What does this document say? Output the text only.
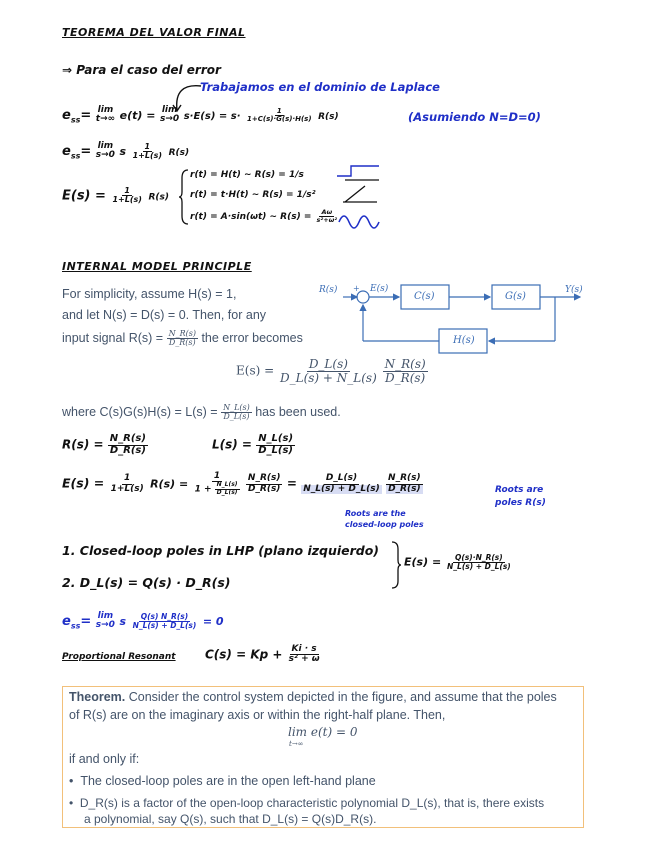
TEOREMA DEL VALOR FINAL
⇒ Para el caso del error
Trabajamos en el dominio de Laplace
$e_{ss}= \lim$
t→∞ e(t) = lim
s→0 $s\cdot E(s) = s\cdot \frac{1}{1+C(s)\cdot G(s)\cdot H(s)} R(s)$	(Asumiendo N=D=0)
$e_{ss}= \lim$
s→0 s $\frac{1}{1+L(s)} R(s)$
$E(s) = \frac{1}{1+L(s)} R(s)$
r(t) = H(t) ∼ R(s) = 1/s
r(t) = t·H(t) ∼ R(s) = 1/s²
r(t) = A·sin(ωt) ∼ $R(s) = \frac{A\omega}{\text{s²+ω²}}$
INTERNAL MODEL PRINCIPLE
For simplicity, assume H(s) = 1,
and let N(s) = D(s) = 0. Then, for any
input signal $R(s) = \frac{N\_R(s)}{D\_R(s)}$ the error becomes
R(s) + E(s)
C(s)	G(s)
Y(s)
H(s)
$E(s) = \frac{D\_L(s)}{D\_L(s) + N\_L(s)}$
$\frac{N\_R(s)}{D\_R(s)}$
where $C(s)G(s)H(s) = L(s) = \frac{N\_L(s)}{D\_L(s)}$ has been used.
$R(s) = \frac{N\_R(s)}{D\_R(s)}$	$L(s) = \frac{N\_L(s)}{D\_L(s)}$
$E(s) = \frac{1}{1+L(s)} R(s) = \frac{1}{1 + \frac{N\_L(s)}{D\_L(s)}}$
$\frac{N\_R(s)}{D\_R(s)} = \frac{D\_L(s)}{N\_L(s) + D\_L(s)}$
$\frac{N\_R(s)}{D\_R(s)}$
Roots are the
closed-loop poles
Roots are
poles R(s)
1. Closed-loop poles in LHP (plano izquierdo)
2. D_L(s) = Q(s) · D_R(s)
$E(s) = \frac{Q(s)\cdot N\_R(s)}{N\_L(s) + D\_L(s)}$
$e_{ss}= \lim$
s→0 s $\frac{Q(s) N\_R(s)}{N\_L(s) + D\_L(s)} = 0$
Proportional Resonant $C(s) = Kp + \frac{Ki \cdot s}{\text{s² + ω}}$
Theorem. Consider the control system depicted in the figure, and assume that the poles
of R(s) are on the imaginary axis or within the right-half plane. Then,
lim e(t) = 0
t→∞
if and only if:
• The closed-loop poles are in the open left-hand plane
• D_R(s) is a factor of the open-loop characteristic polynomial D_L(s), that is, there exists
a polynomial, say Q(s), such that D_L(s) = Q(s)D_R(s).
